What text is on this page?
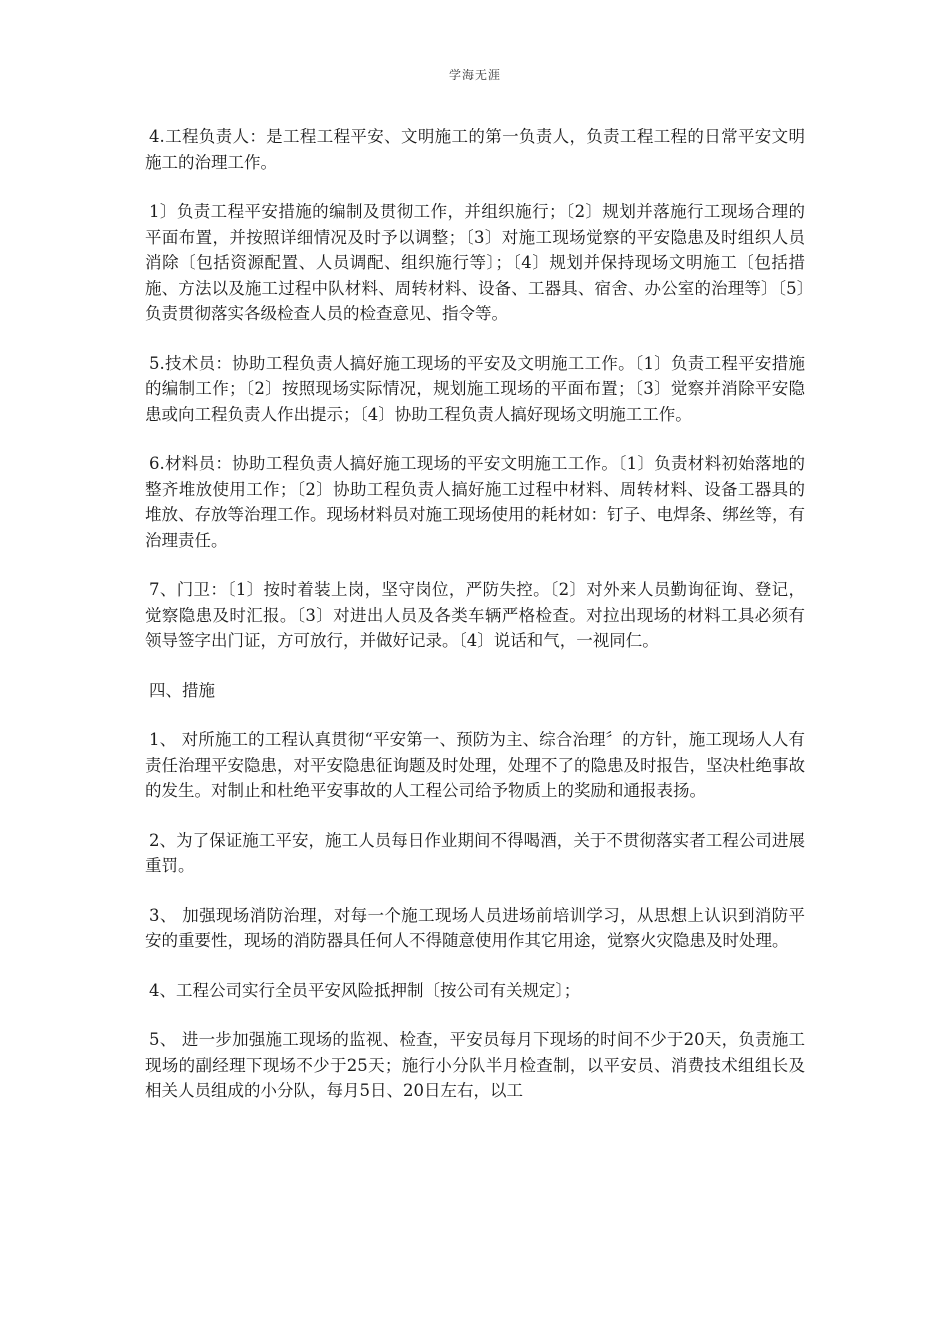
学海无涯

4.工程负责人：是工程工程平安、文明施工的第一负责人，负责工程工程的日常平安文明施工的治理工作。

1〕负责工程平安措施的编制及贯彻工作，并组织施行；〔2〕规划并落施行工现场合理的平面布置，并按照详细情况及时予以调整；〔3〕对施工现场觉察的平安隐患及时组织人员消除〔包括资源配置、人员调配、组织施行等〕；〔4〕规划并保持现场文明施工〔包括措施、方法以及施工过程中队材料、周转材料、设备、工器具、宿舍、办公室的治理等〕〔5〕负责贯彻落实各级检查人员的检查意见、指令等。

5.技术员：协助工程负责人搞好施工现场的平安及文明施工工作。〔1〕负责工程平安措施的编制工作；〔2〕按照现场实际情况，规划施工现场的平面布置；〔3〕觉察并消除平安隐患或向工程负责人作出提示；〔4〕协助工程负责人搞好现场文明施工工作。

6.材料员：协助工程负责人搞好施工现场的平安文明施工工作。〔1〕负责材料初始落地的整齐堆放使用工作；〔2〕协助工程负责人搞好施工过程中材料、周转材料、设备工器具的堆放、存放等治理工作。现场材料员对施工现场使用的耗材如：钉子、电焊条、绑丝等，有治理责任。

7、门卫：〔1〕按时着装上岗，坚守岗位，严防失控。〔2〕对外来人员勤询征询、登记，觉察隐患及时汇报。〔3〕对进出人员及各类车辆严格检查。对拉出现场的材料工具必须有领导签字出门证，方可放行，并做好记录。〔4〕说话和气，一视同仁。

四、措施

1、 对所施工的工程认真贯彻“平安第一、预防为主、综合治理〞的方针，施工现场人人有责任治理平安隐患，对平安隐患征询题及时处理，处理不了的隐患及时报告，坚决杜绝事故的发生。对制止和杜绝平安事故的人工程公司给予物质上的奖励和通报表扬。

2、为了保证施工平安，施工人员每日作业期间不得喝酒，关于不贯彻落实者工程公司进展重罚。

3、 加强现场消防治理，对每一个施工现场人员进场前培训学习，从思想上认识到消防平安的重要性，现场的消防器具任何人不得随意使用作其它用途，觉察火灾隐患及时处理。

4、工程公司实行全员平安风险抵押制〔按公司有关规定〕；

5、 进一步加强施工现场的监视、检查，平安员每月下现场的时间不少于20天，负责施工现场的副经理下现场不少于25天；施行小分队半月检查制，以平安员、消费技术组组长及相关人员组成的小分队，每月5日、20日左右，以工
